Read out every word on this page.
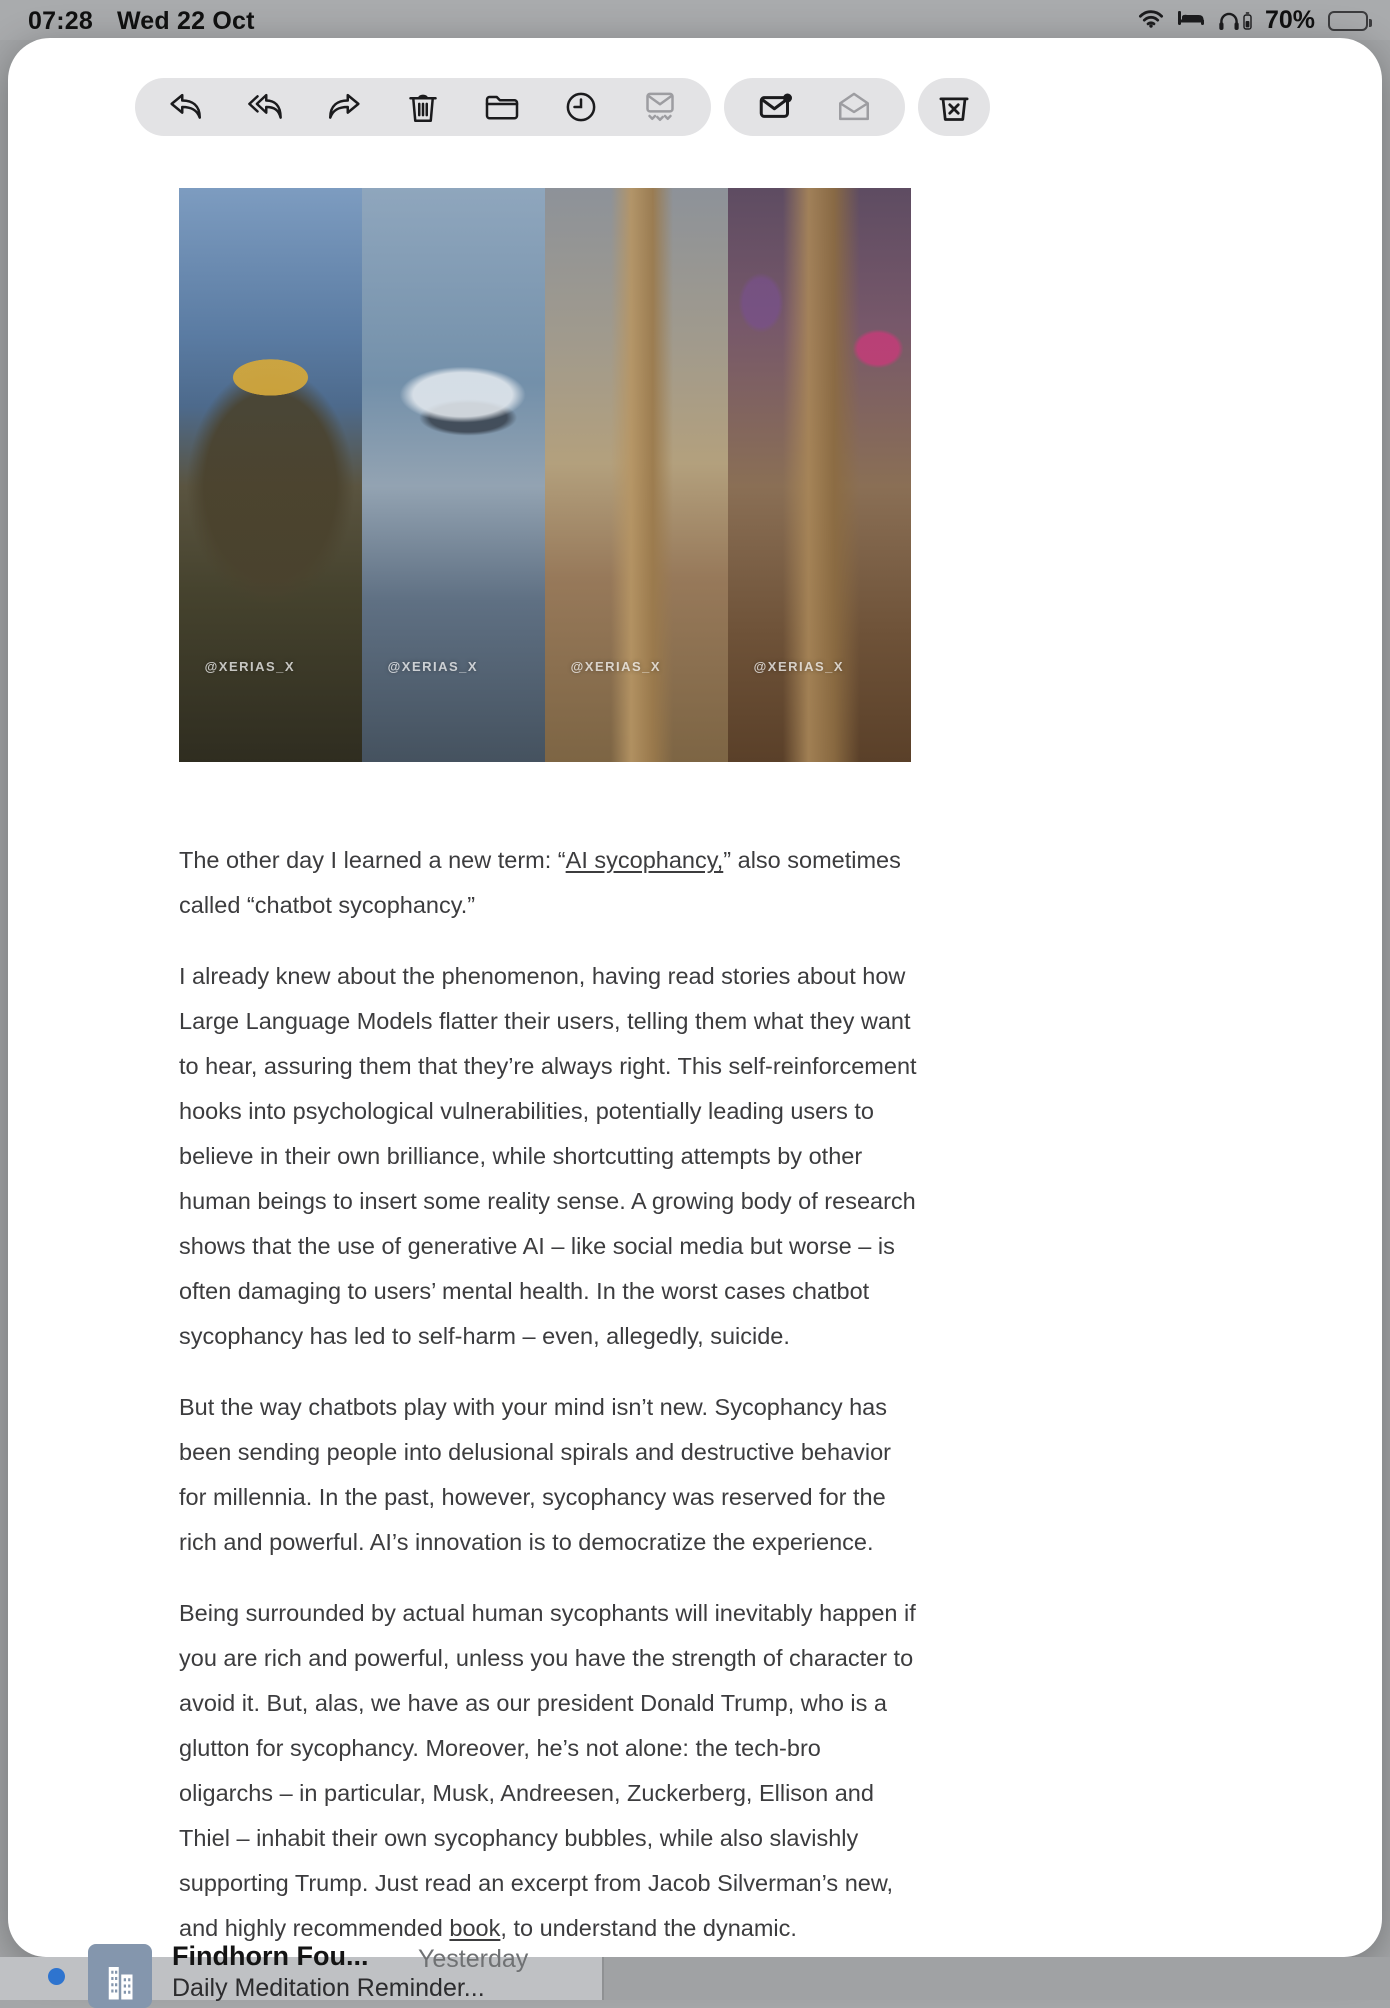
07:28 Wed 22 Oct	70%
@XERIAS_X	@XERIAS_X	@XERIAS_X	@XERIAS_X

The other day I learned a new term: “AI sycophancy,” also sometimes called “chatbot sycophancy.”

I already knew about the phenomenon, having read stories about how Large Language Models flatter their users, telling them what they want to hear, assuring them that they’re always right. This self-reinforcement hooks into psychological vulnerabilities, potentially leading users to believe in their own brilliance, while shortcutting attempts by other human beings to insert some reality sense. A growing body of research shows that the use of generative AI – like social media but worse – is often damaging to users’ mental health. In the worst cases chatbot sycophancy has led to self-harm – even, allegedly, suicide.

But the way chatbots play with your mind isn’t new. Sycophancy has been sending people into delusional spirals and destructive behavior for millennia. In the past, however, sycophancy was reserved for the rich and powerful. AI’s innovation is to democratize the experience.

Being surrounded by actual human sycophants will inevitably happen if you are rich and powerful, unless you have the strength of character to avoid it. But, alas, we have as our president Donald Trump, who is a glutton for sycophancy. Moreover, he’s not alone: the tech-bro oligarchs – in particular, Musk, Andreesen, Zuckerberg, Ellison and Thiel – inhabit their own sycophancy bubbles, while also slavishly supporting Trump. Just read an excerpt from Jacob Silverman’s new, and highly recommended book, to understand the dynamic.

Findhorn Fou... Yesterday
Daily Meditation Reminder...
